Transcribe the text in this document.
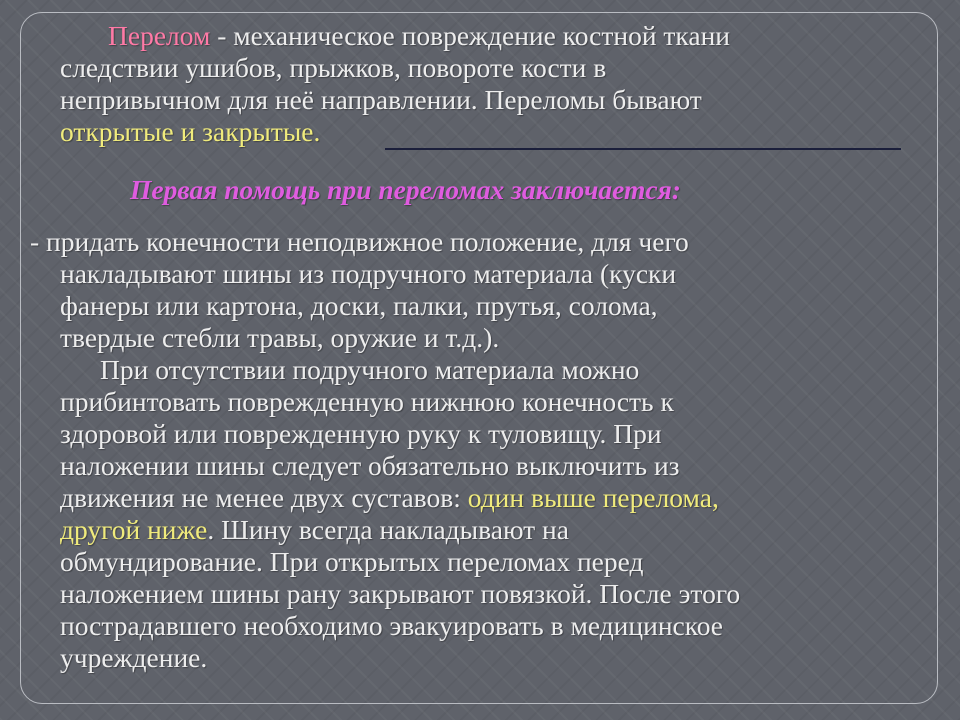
Перелом - механическое повреждение костной ткани
следствии ушибов, прыжков, повороте кости в
непривычном для неё направлении. Переломы бывают
открытые и закрытые.
Первая помощь при переломах заключается:
- придать конечности неподвижное положение, для чего
накладывают шины из подручного материала (куски
фанеры или картона, доски, палки, прутья, солома,
твердые стебли травы, оружие и т.д.).
При отсутствии подручного материала можно
прибинтовать поврежденную нижнюю конечность к
здоровой или поврежденную руку к туловищу. При
наложении шины следует обязательно выключить из
движения не менее двух суставов: один выше перелома,
другой ниже. Шину всегда накладывают на
обмундирование. При открытых переломах перед
наложением шины рану закрывают повязкой. После этого
пострадавшего необходимо эвакуировать в медицинское
учреждение.
